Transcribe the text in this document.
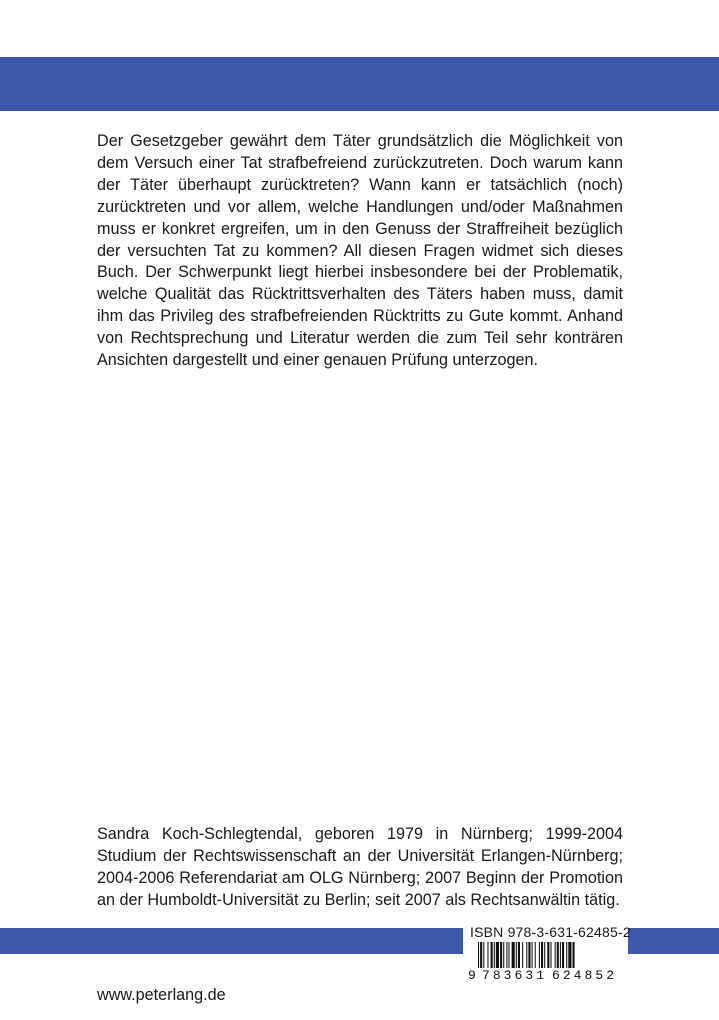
Der Gesetzgeber gewährt dem Täter grundsätzlich die Möglichkeit von dem Versuch einer Tat strafbefreiend zurückzutreten. Doch warum kann der Täter überhaupt zurücktreten? Wann kann er tatsächlich (noch) zurücktreten und vor allem, welche Handlungen und/oder Maßnahmen muss er konkret ergreifen, um in den Genuss der Straffreiheit bezüglich der versuchten Tat zu kommen? All diesen Fragen widmet sich dieses Buch. Der Schwerpunkt liegt hierbei insbesondere bei der Problematik, welche Qualität das Rücktrittsverhalten des Täters haben muss, damit ihm das Privileg des strafbefreienden Rücktritts zu Gute kommt. Anhand von Rechtsprechung und Literatur werden die zum Teil sehr konträren Ansichten dargestellt und einer genauen Prüfung unterzogen.

Sandra Koch-Schlegtendal, geboren 1979 in Nürnberg; 1999-2004 Studium der Rechtswissenschaft an der Universität Erlangen-Nürnberg; 2004-2006 Referendariat am OLG Nürnberg; 2007 Beginn der Promotion an der Humboldt-Universität zu Berlin; seit 2007 als Rechtsanwältin tätig.

ISBN 978-3-631-62485-2
9 783631 624852
www.peterlang.de
